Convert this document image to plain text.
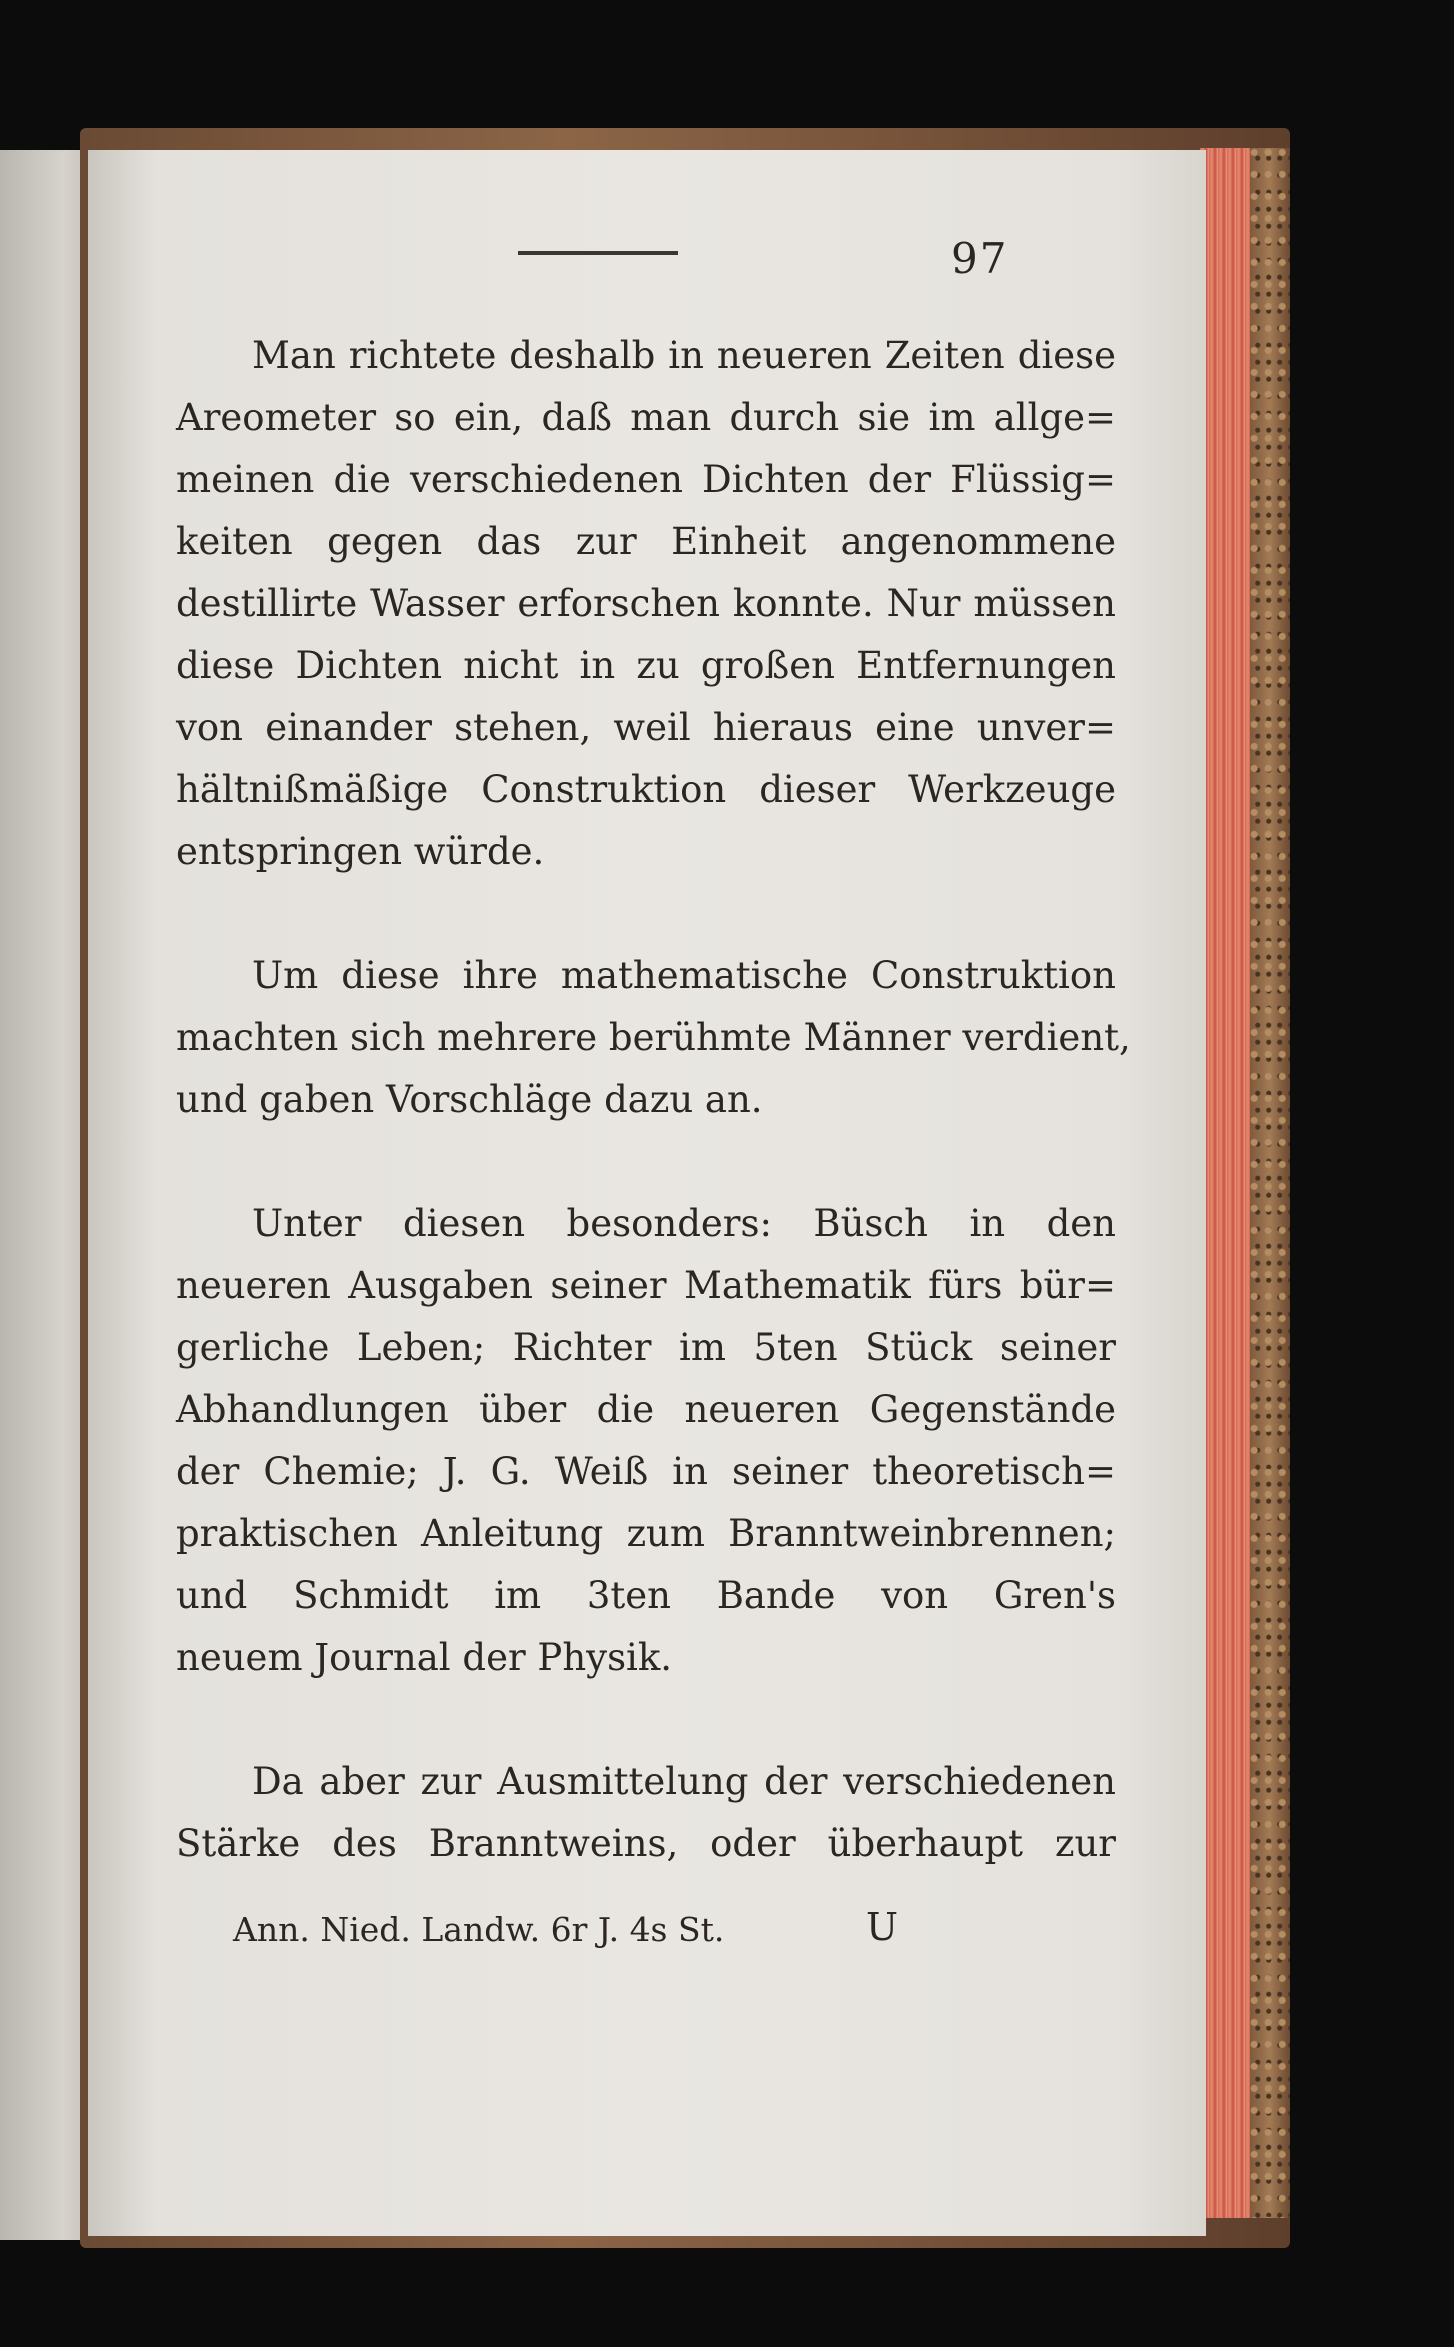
97
Man richtete deshalb in neueren Zeiten diese
Areometer so ein, daß man durch sie im allge=
meinen die verschiedenen Dichten der Flüssig=
keiten gegen das zur Einheit angenommene
destillirte Wasser erforschen konnte. Nur müssen
diese Dichten nicht in zu großen Entfernungen
von einander stehen, weil hieraus eine unver=
hältnißmäßige Construktion dieser Werkzeuge
entspringen würde.
Um diese ihre mathematische Construktion
machten sich mehrere berühmte Männer verdient,
und gaben Vorschläge dazu an.
Unter diesen besonders: Büsch in den
neueren Ausgaben seiner Mathematik fürs bür=
gerliche Leben; Richter im 5ten Stück seiner
Abhandlungen über die neueren Gegenstände
der Chemie; J. G. Weiß in seiner theoretisch=
praktischen Anleitung zum Branntweinbrennen;
und Schmidt im 3ten Bande von Gren's
neuem Journal der Physik.
Da aber zur Ausmittelung der verschiedenen
Stärke des Branntweins, oder überhaupt zur
Ann. Nied. Landw. 6r J. 4s St.	U
